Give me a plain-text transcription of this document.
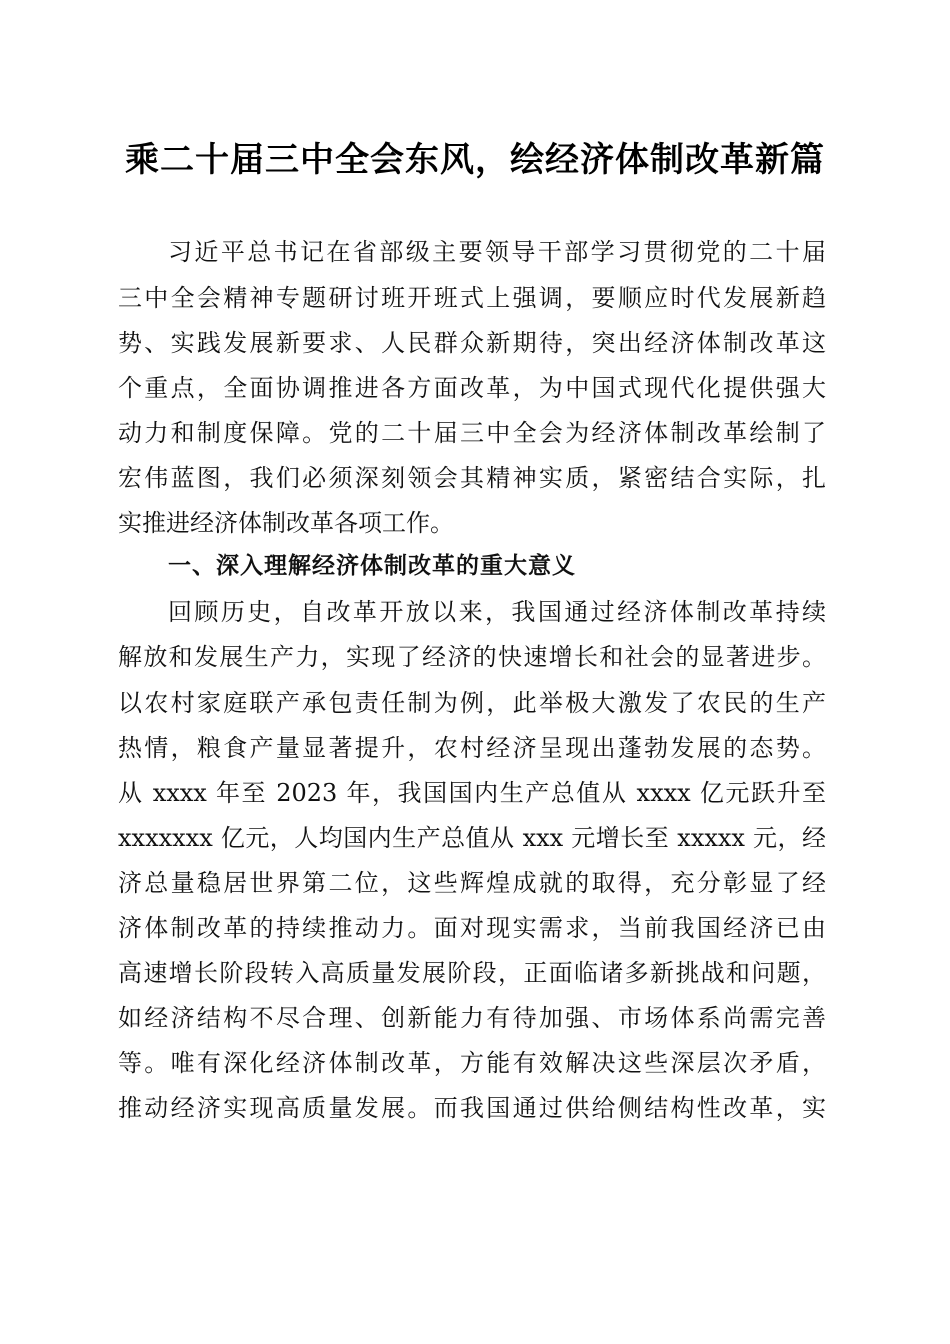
乘二十届三中全会东风，绘经济体制改革新篇
习近平总书记在省部级主要领导干部学习贯彻党的二十届
三中全会精神专题研讨班开班式上强调，要顺应时代发展新趋
势、实践发展新要求、人民群众新期待，突出经济体制改革这
个重点，全面协调推进各方面改革，为中国式现代化提供强大
动力和制度保障。党的二十届三中全会为经济体制改革绘制了
宏伟蓝图，我们必须深刻领会其精神实质，紧密结合实际，扎
实推进经济体制改革各项工作。
一、深入理解经济体制改革的重大意义
回顾历史，自改革开放以来，我国通过经济体制改革持续
解放和发展生产力，实现了经济的快速增长和社会的显著进步。
以农村家庭联产承包责任制为例，此举极大激发了农民的生产
热情，粮食产量显著提升，农村经济呈现出蓬勃发展的态势。
从 xxxx 年至 2023 年，我国国内生产总值从 xxxx 亿元跃升至
xxxxxxx 亿元，人均国内生产总值从 xxx 元增长至 xxxxx 元，经
济总量稳居世界第二位，这些辉煌成就的取得，充分彰显了经
济体制改革的持续推动力。面对现实需求，当前我国经济已由
高速增长阶段转入高质量发展阶段，正面临诸多新挑战和问题，
如经济结构不尽合理、创新能力有待加强、市场体系尚需完善
等。唯有深化经济体制改革，方能有效解决这些深层次矛盾，
推动经济实现高质量发展。而我国通过供给侧结构性改革，实
